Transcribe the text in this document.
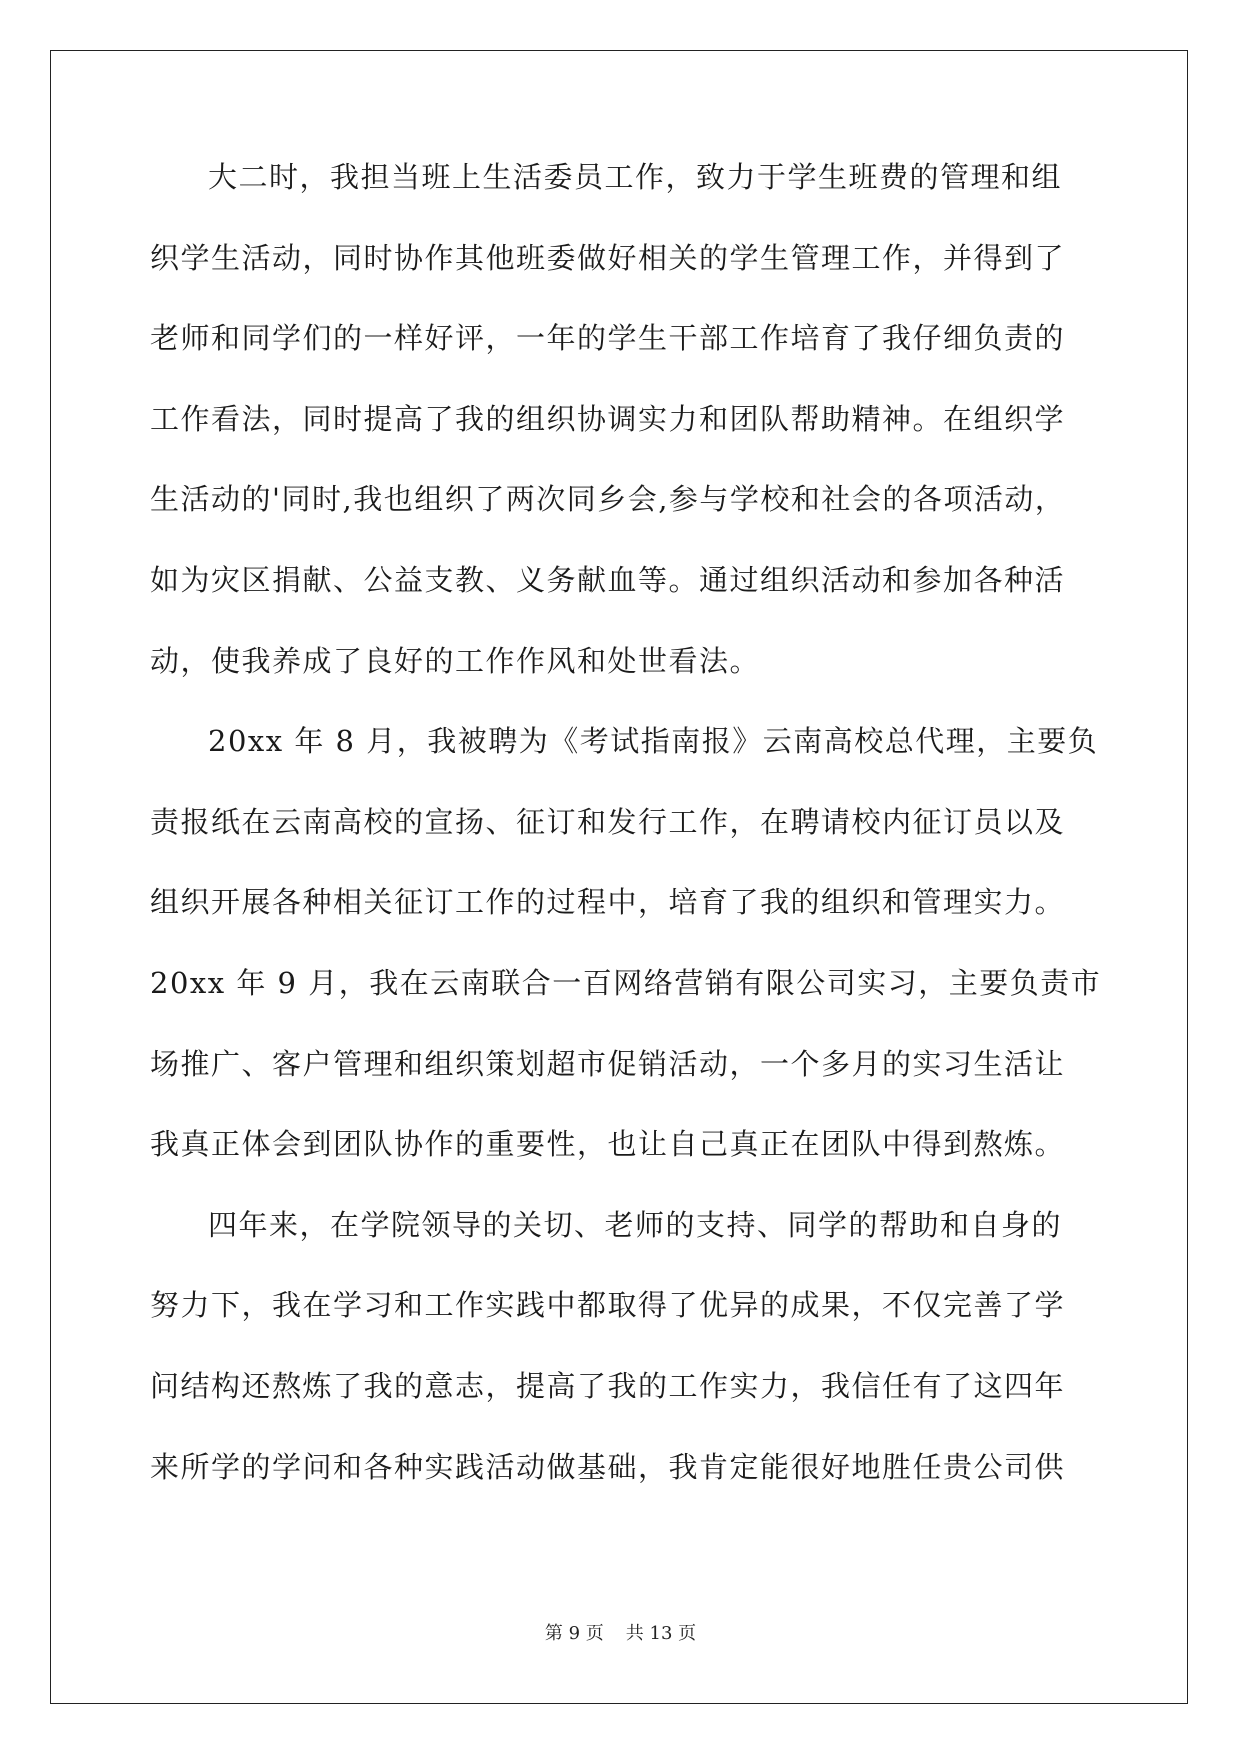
大二时，我担当班上生活委员工作，致力于学生班费的管理和组
织学生活动，同时协作其他班委做好相关的学生管理工作，并得到了
老师和同学们的一样好评，一年的学生干部工作培育了我仔细负责的
工作看法，同时提高了我的组织协调实力和团队帮助精神。在组织学
生活动的'同时,我也组织了两次同乡会,参与学校和社会的各项活动，
如为灾区捐献、公益支教、义务献血等。通过组织活动和参加各种活
动，使我养成了良好的工作作风和处世看法。
20xx 年 8 月，我被聘为《考试指南报》云南高校总代理，主要负
责报纸在云南高校的宣扬、征订和发行工作，在聘请校内征订员以及
组织开展各种相关征订工作的过程中，培育了我的组织和管理实力。
20xx 年 9 月，我在云南联合一百网络营销有限公司实习，主要负责市
场推广、客户管理和组织策划超市促销活动，一个多月的实习生活让
我真正体会到团队协作的重要性，也让自己真正在团队中得到熬炼。
四年来，在学院领导的关切、老师的支持、同学的帮助和自身的
努力下，我在学习和工作实践中都取得了优异的成果，不仅完善了学
问结构还熬炼了我的意志，提高了我的工作实力，我信任有了这四年
来所学的学问和各种实践活动做基础，我肯定能很好地胜任贵公司供
第 9 页 共 13 页
